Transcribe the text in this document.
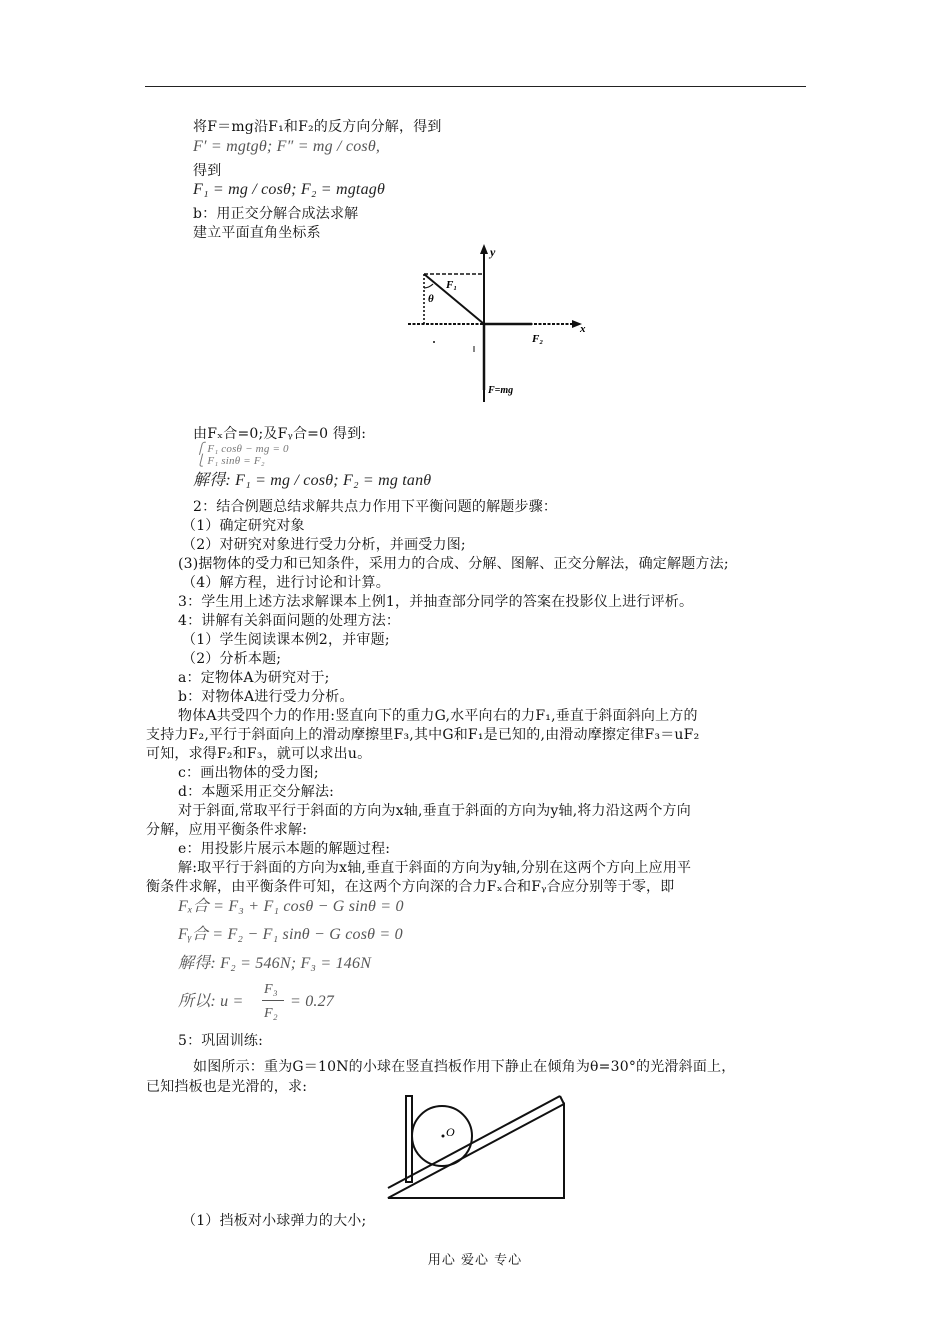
将F＝mg沿F₁和F₂的反方向分解，得到
F′ = mgtgθ; F″ = mg / cosθ,
得到
F₁ = mg / cosθ; F₂ = mgtagθ
b：用正交分解合成法求解
建立平面直角坐标系
y
x
F₁
θ
F₂
F=mg
由Fₓ合=0;及Fᵧ合=0 得到:
⎧ F₁ cosθ − mg = 0
⎩ F₁ sinθ = F₂
解得: F₁ = mg / cosθ; F₂ = mg tanθ
2：结合例题总结求解共点力作用下平衡问题的解题步骤：
（1）确定研究对象
（2）对研究对象进行受力分析，并画受力图;
(3)据物体的受力和已知条件，采用力的合成、分解、图解、正交分解法，确定解题方法;
（4）解方程，进行讨论和计算。
3：学生用上述方法求解课本上例1，并抽查部分同学的答案在投影仪上进行评析。
4：讲解有关斜面问题的处理方法：
（1）学生阅读课本例2，并审题;
（2）分析本题;
a：定物体A为研究对于;
b：对物体A进行受力分析。
物体A共受四个力的作用:竖直向下的重力G,水平向右的力F₁,垂直于斜面斜向上方的
支持力F₂,平行于斜面向上的滑动摩擦里F₃,其中G和F₁是已知的,由滑动摩擦定律F₃＝uF₂
可知，求得F₂和F₃，就可以求出u。
c：画出物体的受力图;
d：本题采用正交分解法:
对于斜面,常取平行于斜面的方向为x轴,垂直于斜面的方向为y轴,将力沿这两个方向
分解，应用平衡条件求解:
e：用投影片展示本题的解题过程:
解:取平行于斜面的方向为x轴,垂直于斜面的方向为y轴,分别在这两个方向上应用平
衡条件求解，由平衡条件可知，在这两个方向深的合力Fₓ合和Fᵧ合应分别等于零，即
Fₓ合 = F₃ + F₁ cosθ − G sinθ = 0
Fᵧ合 = F₂ − F₁ sinθ − G cosθ = 0
解得: F₂ = 546N; F₃ = 146N
所以: u =
F₃
F₂
= 0.27
5：巩固训练:
如图所示：重为G＝10N的小球在竖直挡板作用下静止在倾角为θ=30°的光滑斜面上，
已知挡板也是光滑的，求:
O
（1）挡板对小球弹力的大小;
用心 爱心 专心
